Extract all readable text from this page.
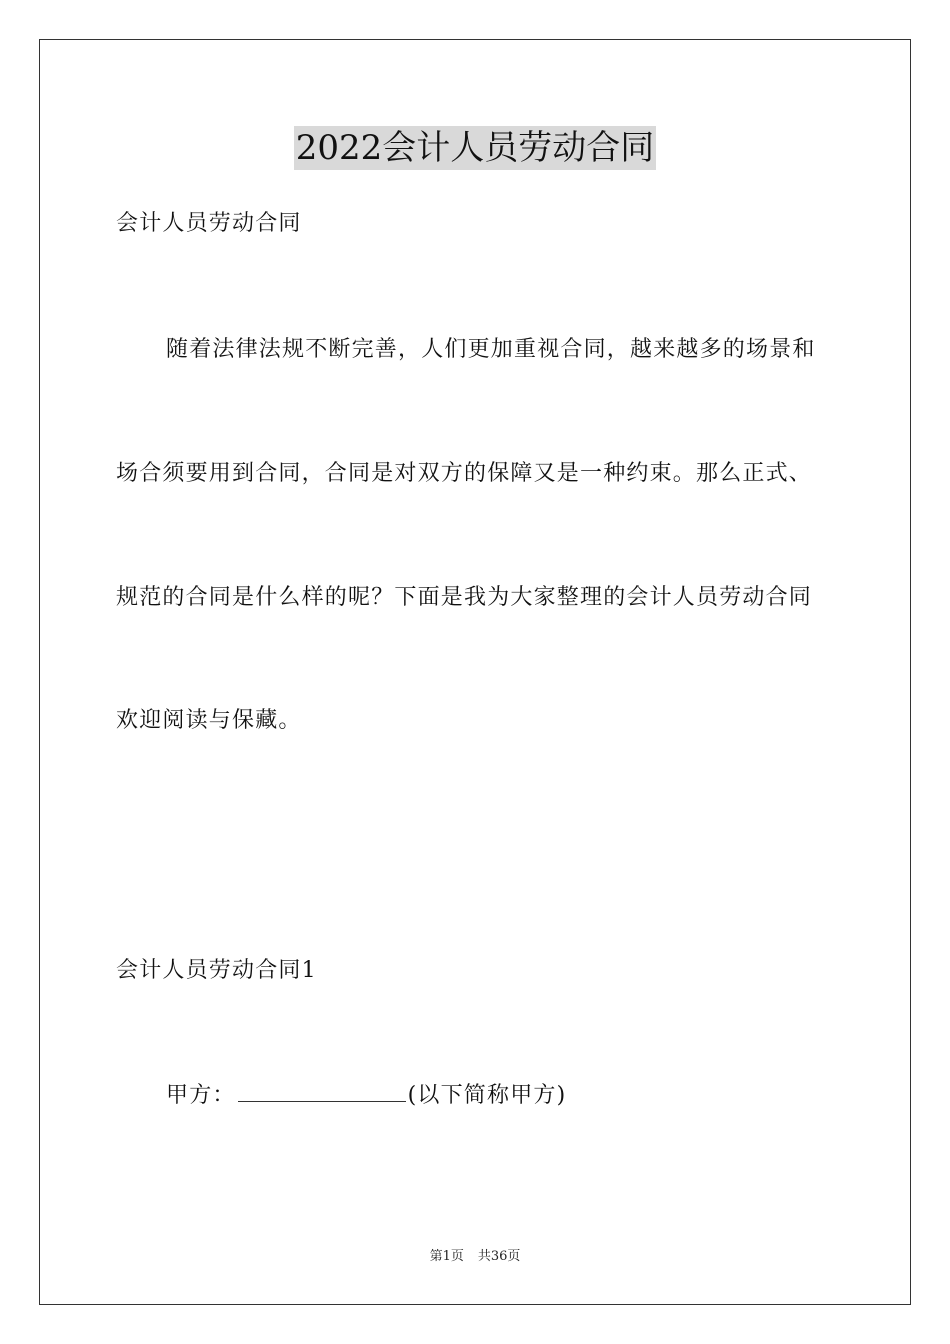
2022会计人员劳动合同
会计人员劳动合同
随着法律法规不断完善，人们更加重视合同，越来越多的场景和
场合须要用到合同，合同是对双方的保障又是一种约束。那么正式、
规范的合同是什么样的呢？下面是我为大家整理的会计人员劳动合同
欢迎阅读与保藏。
会计人员劳动合同1
甲方：	(以下简称甲方)
第1页 共36页
